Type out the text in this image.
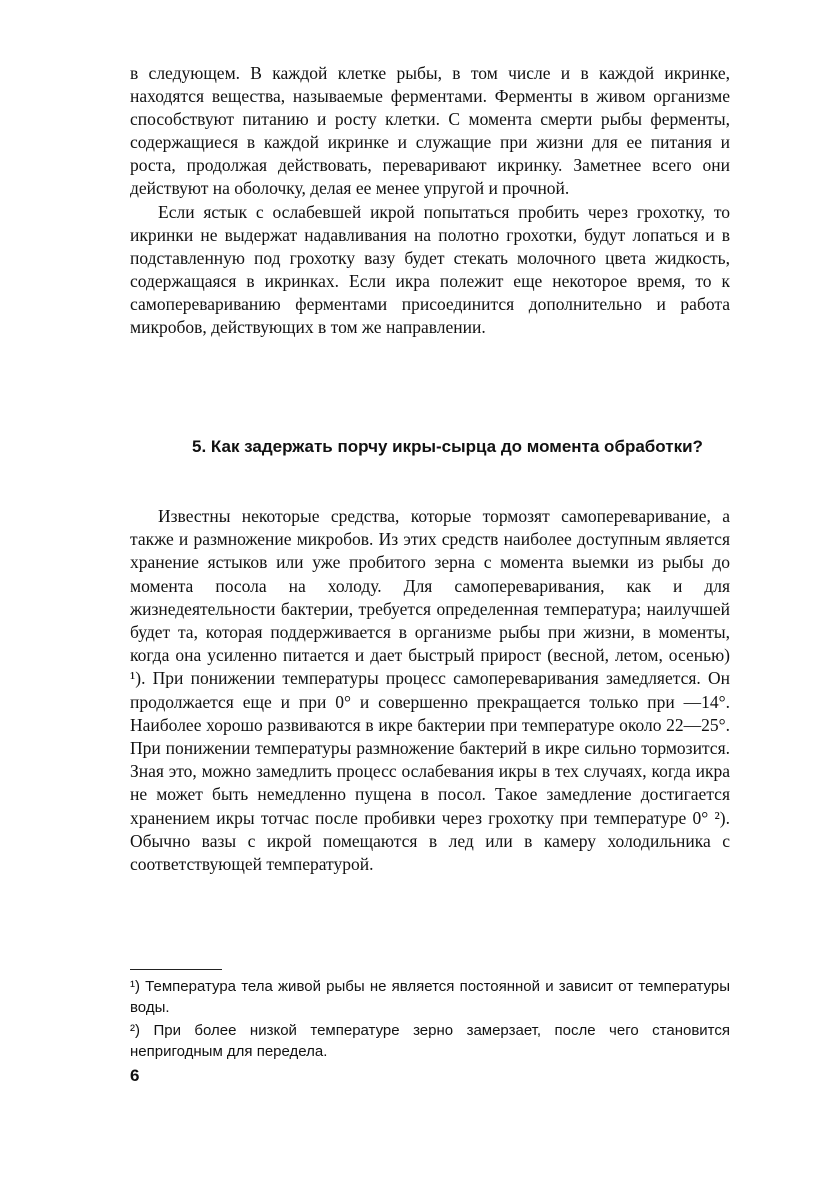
в следующем. В каждой клетке рыбы, в том числе и в каждой икринке, находятся вещества, называемые ферментами. Ферменты в живом организме способствуют питанию и росту клетки. С момента смерти рыбы ферменты, содержащиеся в каждой икринке и служащие при жизни для ее питания и роста, продолжая действовать, переваривают икринку. Заметнее всего они действуют на оболочку, делая ее менее упругой и прочной.

Если ястык с ослабевшей икрой попытаться пробить через грохотку, то икринки не выдержат надавливания на полотно грохотки, будут лопаться и в подставленную под грохотку вазу будет стекать молочного цвета жидкость, содержащаяся в икринках. Если икра полежит еще некоторое время, то к самоперевариванию ферментами присоединится дополнительно и работа микробов, действующих в том же направлении.

5. Как задержать порчу икры-сырца до момента обработки?

Известны некоторые средства, которые тормозят самопереваривание, а также и размножение микробов. Из этих средств наиболее доступным является хранение ястыков или уже пробитого зерна с момента выемки из рыбы до момента посола на холоду. Для самопереваривания, как и для жизнедеятельности бактерии, требуется определенная температура; наилучшей будет та, которая поддерживается в организме рыбы при жизни, в моменты, когда она усиленно питается и дает быстрый прирост (весной, летом, осенью) ¹). При понижении температуры процесс самопереваривания замедляется. Он продолжается еще и при 0° и совершенно прекращается только при —14°. Наиболее хорошо развиваются в икре бактерии при температуре около 22—25°. При понижении температуры размножение бактерий в икре сильно тормозится. Зная это, можно замедлить процесс ослабевания икры в тех случаях, когда икра не может быть немедленно пущена в посол. Такое замедление достигается хранением икры тотчас после пробивки через грохотку при температуре 0° ²). Обычно вазы с икрой помещаются в лед или в камеру холодильника с соответствующей температурой.

¹) Температура тела живой рыбы не является постоянной и зависит от температуры воды.

²) При более низкой температуре зерно замерзает, после чего становится непригодным для передела.

6
